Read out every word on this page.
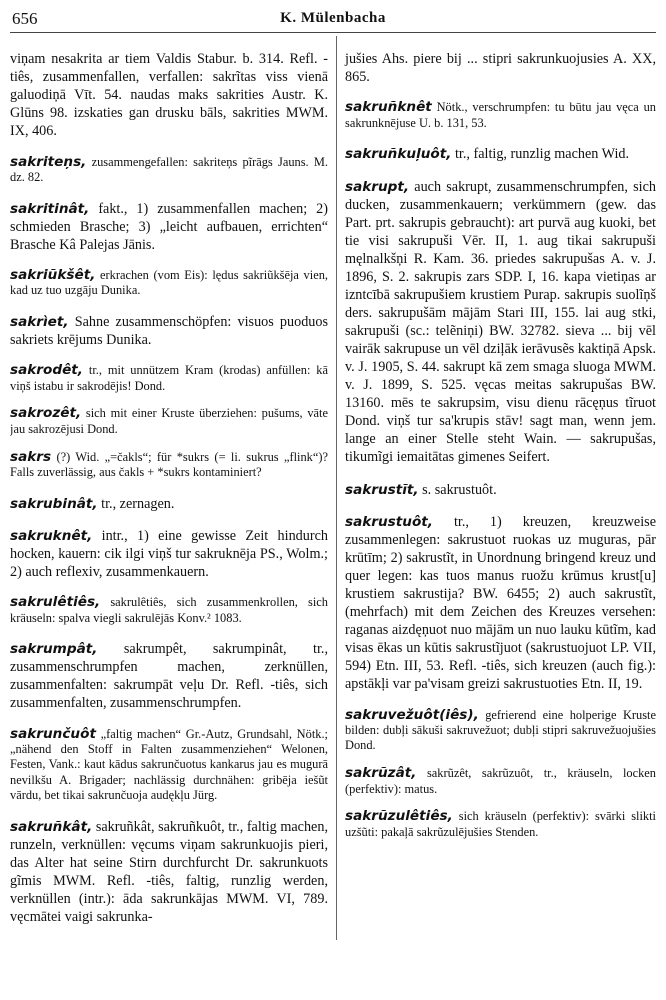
656	K. Mülenbacha

viņam nesakrita ar tiem Valdis Stabur. b. 314. Refl. -tiês, zusammenfallen, verfallen: sakrĩtas viss vienā galuodiņā Vīt. 54. naudas maks sakrities Austr. K. Glūns 98. izskaties gan drusku bāls, sakrities MWM. IX, 406.

sakriteņs, zusammengefallen: sakriteņs pĩrāgs Jauns. M. dz. 82.

sakritinât, fakt., 1) zusammenfallen machen; 2) schmieden Brasche; 3) „leicht aufbauen, errichten“ Brasche Kâ Palejas Jānis.

sakriũkšêt, erkrachen (vom Eis): lędus sakriũkšēja vien, kad uz tuo uzgāju Dunika.

sakrìet, Sahne zusammenschöpfen: visuos puoduos sakriets krējums Dunika.

sakrodêt, tr., mit unnützem Kram (krodas) anfüllen: kā viņš istabu ir sakrodējis! Dond.

sakrozêt, sich mit einer Kruste überziehen: pušums, vāte jau sakrozējusi Dond.

sakrs (?) Wid. „=čakls“; für *sukrs (= li. sukrus „flink“)? Falls zuverlässig, aus čakls + *sukrs kontaminiert?

sakrubinât, tr., zernagen.

sakruknêt, intr., 1) eine gewisse Zeit hindurch hocken, kauern: cik ilgi viņš tur sakruknēja PS., Wolm.; 2) auch reflexiv, zusammenkauern.

sakrulêtiês, sakrulêtiês, sich zusammenkrollen, sich kräuseln: spalva viegli sakrulējās Konv.² 1083.

sakrumpât, sakrumpêt, sakrumpinât, tr., zusammenschrumpfen machen, zerknüllen, zusammenfalten: sakrumpāt veļu Dr. Refl. -tiês, sich zusammenfalten, zusammenschrumpfen.

sakrunčuôt „faltig machen“ Gr.-Autz, Grundsahl, Nötk.; „nähend den Stoff in Falten zusammenziehen“ Welonen, Festen, Vank.: kaut kādus sakrunčuotus kankarus jau es mugurā nevilkšu A. Brigader; nachlässig durchnähen: gribēja iešũt vārdu, bet tikai sakrunčuoja audękļu Jürg.

sakruñkât, sakruñkât, sakruñkuôt, tr., faltig machen, runzeln, verknüllen: vęcums viņam sakrunkuojis pieri, das Alter hat seine Stirn durchfurcht Dr. sakrunkuots gĩmis MWM. Refl. -tiês, faltig, runzlig werden, verknüllen (intr.): āda sakrunkājas MWM. VI, 789. vęcmātei vaigi sakrunka-

jušies Ahs. piere bij ... stipri sakrunkuojusies A. XX, 865.

sakruñknêt Nötk., verschrumpfen: tu būtu jau vęca un sakrunknējuse U. b. 131, 53.

sakruñkuļuôt, tr., faltig, runzlig machen Wid.

sakrupt, auch sakrupt, zusammenschrumpfen, sich ducken, zusammenkauern; verkümmern (gew. das Part. prt. sakrupis gebraucht): art purvā aug kuoki, bet tie visi sakrupuši Vēr. II, 1. aug tikai sakrupuši męlnalkšņi R. Kam. 36. priedes sakrupušas A. v. J. 1896, S. 2. sakrupis zars SDP. I, 16. kapa vietiņas ar izntcībā sakrupušiem krustiem Purap. sakrupis suolĩņš ders. sakrupušām mājām Stari III, 155. lai aug stki, sakrupuši (sc.: telẽniņi) BW. 32782. sieva ... bij vēl vairāk sakrupuse un vēl dziļāk ierāvusẽs kaktiņā Apsk. v. J. 1905, S. 44. sakrupt kā zem smaga sluoga MWM. v. J. 1899, S. 525. vęcas meitas sakrupušas BW. 13160. mēs te sakrupsim, visu dienu rācęņus tĩruot Dond. viņš tur sa'krupis stāv! sagt man, wenn jem. lange an einer Stelle steht Wain. — sakrupušas, tikumĩgi iemaitātas gimenes Seifert.

sakrustĩt, s. sakrustuôt.

sakrustuôt, tr., 1) kreuzen, kreuzweise zusammenlegen: sakrustuot ruokas uz muguras, pār krūtīm; 2) sakrustĩt, in Unordnung bringend kreuz und quer legen: kas tuos manus ruožu krūmus krust[u] krustiem sakrustija? BW. 6455; 2) auch sakrustĩt, (mehrfach) mit dem Zeichen des Kreuzes versehen: raganas aizdęņuot nuo mājām un nuo lauku kūtĩm, kad visas ēkas un kūtis sakrustĩjuot (sakrustuojuot LP. VII, 594) Etn. III, 53. Refl. -tiês, sich kreuzen (auch fig.): apstākļi var pa'visam greizi sakrustuoties Etn. II, 19.

sakruvežuôt(iês), gefrierend eine holperige Kruste bilden: dubļi sākuši sakruvežuot; dubļi stipri sakruvežuojušies Dond.

sakrũzât, sakrũzêt, sakrũzuôt, tr., kräuseln, locken (perfektiv): matus.

sakrũzulêtiês, sich kräuseln (perfektiv): svārki slikti uzšũti: pakaļā sakrũzulējušies Stenden.
